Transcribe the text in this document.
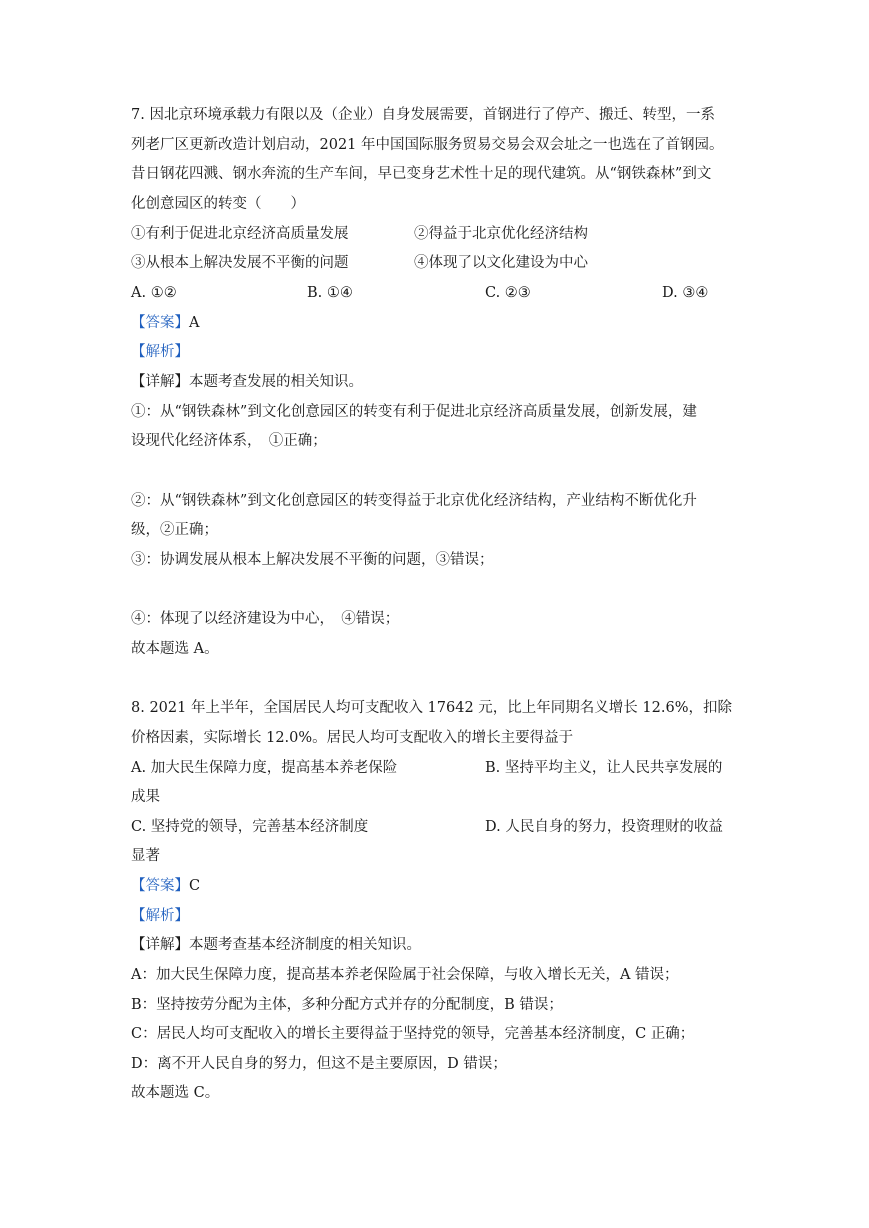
7. 因北京环境承载力有限以及（企业）自身发展需要，首钢进行了停产、搬迁、转型，一系
列老厂区更新改造计划启动，2021 年中国国际服务贸易交易会双会址之一也选在了首钢园。
昔日钢花四溅、钢水奔流的生产车间，早已变身艺术性十足的现代建筑。从“钢铁森林”到文
化创意园区的转变（　　）
①有利于促进北京经济高质量发展	②得益于北京优化经济结构
③从根本上解决发展不平衡的问题	④体现了以文化建设为中心
A. ①②	B. ①④	C. ②③	D. ③④
【答案】A
【解析】
【详解】本题考查发展的相关知识。
①：从“钢铁森林”到文化创意园区的转变有利于促进北京经济高质量发展，创新发展，建
设现代化经济体系，　①正确；
②：从“钢铁森林”到文化创意园区的转变得益于北京优化经济结构，产业结构不断优化升
级，②正确；
③：协调发展从根本上解决发展不平衡的问题，③错误；
④：体现了以经济建设为中心，　④错误；
故本题选 A。
8. 2021 年上半年，全国居民人均可支配收入 17642 元，比上年同期名义增长 12.6%，扣除
价格因素，实际增长 12.0%。居民人均可支配收入的增长主要得益于
A. 加大民生保障力度，提高基本养老保险	B. 坚持平均主义，让人民共享发展的
成果
C. 坚持党的领导，完善基本经济制度	D. 人民自身的努力，投资理财的收益
显著
【答案】C
【解析】
【详解】本题考查基本经济制度的相关知识。
A：加大民生保障力度，提高基本养老保险属于社会保障，与收入增长无关，A 错误；
B：坚持按劳分配为主体，多种分配方式并存的分配制度，B 错误；
C：居民人均可支配收入的增长主要得益于坚持党的领导，完善基本经济制度，C 正确；
D：离不开人民自身的努力，但这不是主要原因，D 错误；
故本题选 C。
